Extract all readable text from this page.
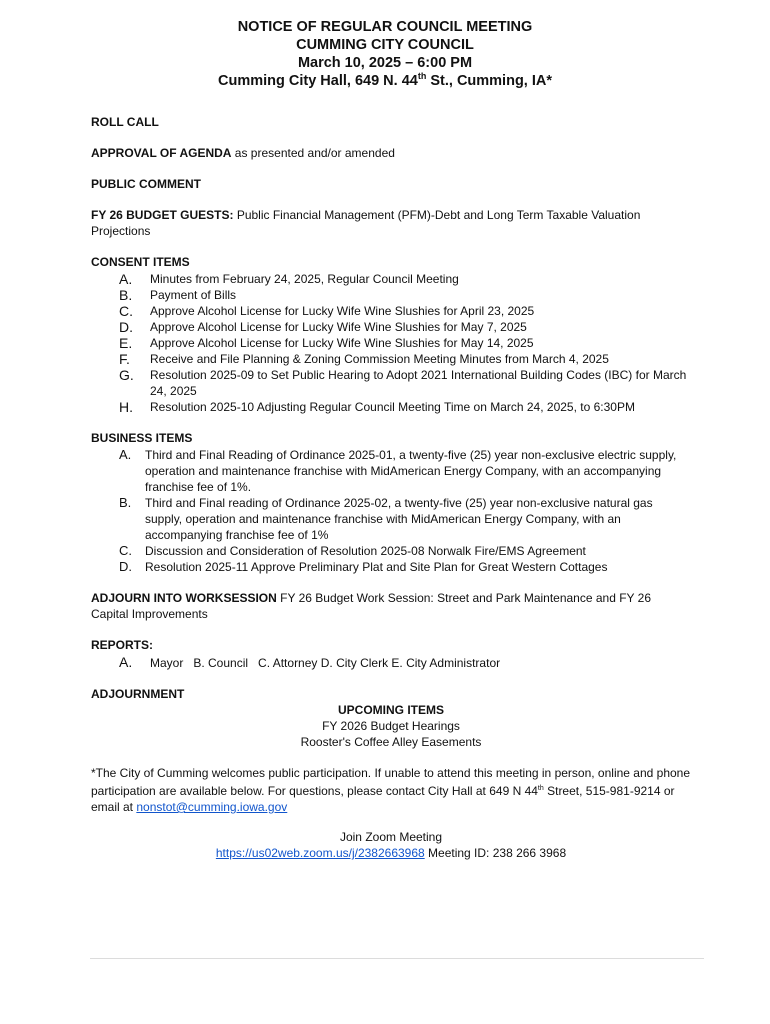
NOTICE OF REGULAR COUNCIL MEETING
CUMMING CITY COUNCIL
March 10, 2025 – 6:00 PM
Cumming City Hall, 649 N. 44th St., Cumming, IA*
ROLL CALL
APPROVAL OF AGENDA as presented and/or amended
PUBLIC COMMENT
FY 26 BUDGET GUESTS: Public Financial Management (PFM)-Debt and Long Term Taxable Valuation Projections
CONSENT ITEMS
A. Minutes from February 24, 2025, Regular Council Meeting
B. Payment of Bills
C. Approve Alcohol License for Lucky Wife Wine Slushies for April 23, 2025
D. Approve Alcohol License for Lucky Wife Wine Slushies for May 7, 2025
E. Approve Alcohol License for Lucky Wife Wine Slushies for May 14, 2025
F. Receive and File Planning & Zoning Commission Meeting Minutes from March 4, 2025
G. Resolution 2025-09 to Set Public Hearing to Adopt 2021 International Building Codes (IBC) for March 24, 2025
H. Resolution 2025-10 Adjusting Regular Council Meeting Time on March 24, 2025, to 6:30PM
BUSINESS ITEMS
A. Third and Final Reading of Ordinance 2025-01, a twenty-five (25) year non-exclusive electric supply, operation and maintenance franchise with MidAmerican Energy Company, with an accompanying franchise fee of 1%.
B. Third and Final reading of Ordinance 2025-02, a twenty-five (25) year non-exclusive natural gas supply, operation and maintenance franchise with MidAmerican Energy Company, with an accompanying franchise fee of 1%
C. Discussion and Consideration of Resolution 2025-08 Norwalk Fire/EMS Agreement
D. Resolution 2025-11 Approve Preliminary Plat and Site Plan for Great Western Cottages
ADJOURN INTO WORKSESSION FY 26 Budget Work Session: Street and Park Maintenance and FY 26 Capital Improvements
REPORTS:
A. Mayor B. Council C. Attorney D. City Clerk E. City Administrator
ADJOURNMENT
UPCOMING ITEMS
FY 2026 Budget Hearings
Rooster's Coffee Alley Easements
*The City of Cumming welcomes public participation. If unable to attend this meeting in person, online and phone participation are available below. For questions, please contact City Hall at 649 N 44th Street, 515-981-9214 or email at nonstot@cumming.iowa.gov
Join Zoom Meeting
https://us02web.zoom.us/j/2382663968 Meeting ID: 238 266 3968
